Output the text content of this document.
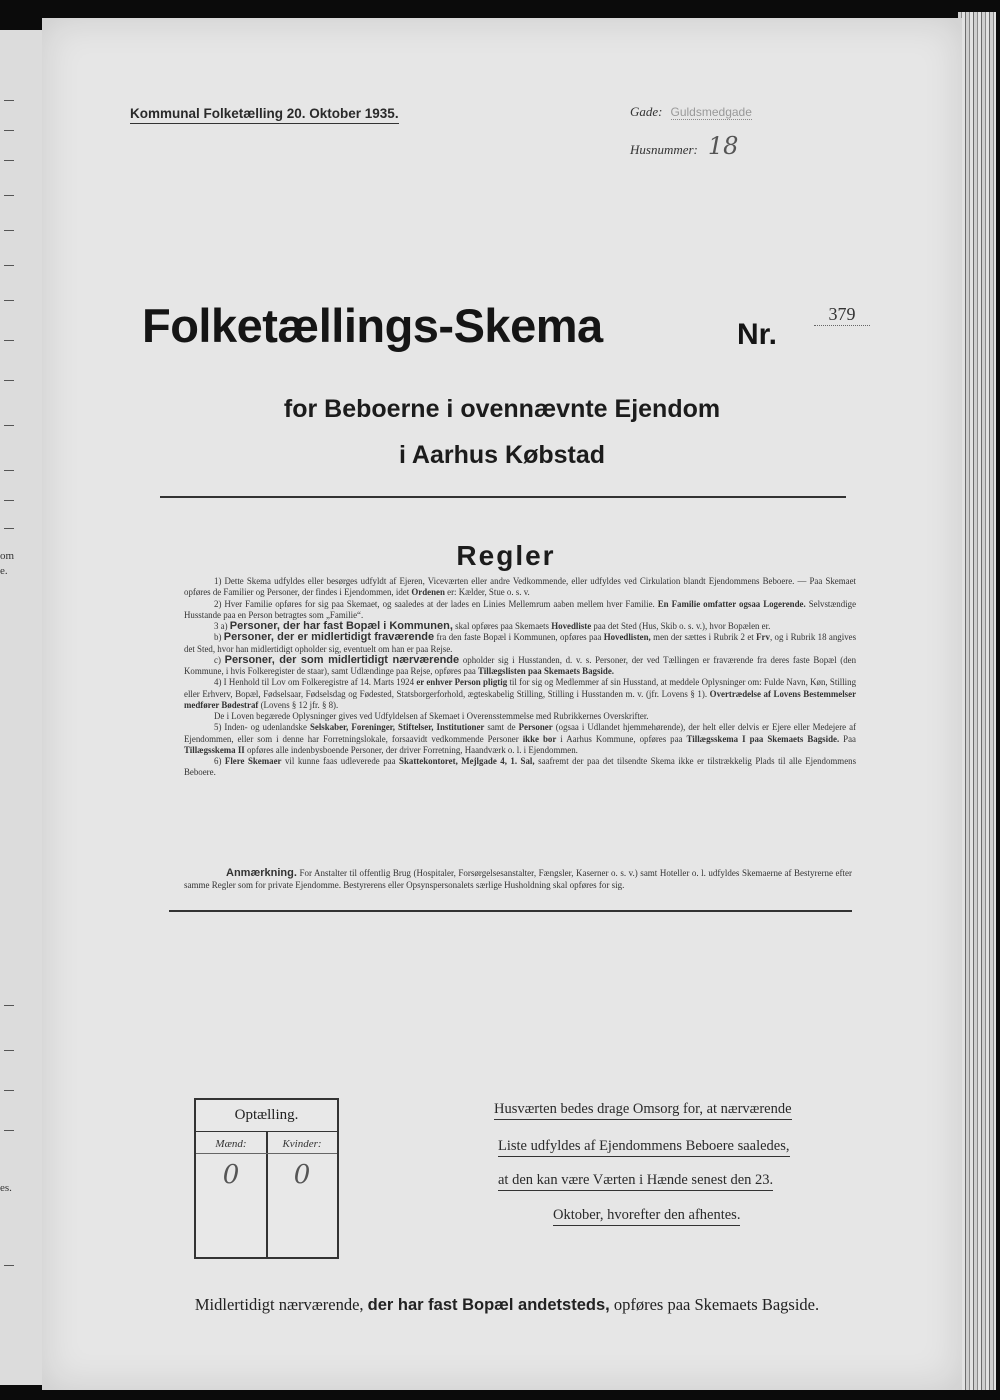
om
e.
es.
Kommunal Folketælling 20. Oktober 1935.	Gade: Guldsmedgade
Husnummer: 18
Folketællings-Skema	Nr.
379
for Beboerne i ovennævnte Ejendom
i Aarhus Købstad
Regler

1) Dette Skema udfyldes eller besørges udfyldt af Ejeren, Viceværten eller andre Vedkommende, eller udfyldes ved Cirkulation blandt Ejendommens Beboere. — Paa Skemaet opføres de Familier og Personer, der findes i Ejendommen, idet Ordenen er: Kælder, Stue o. s. v.

2) Hver Familie opføres for sig paa Skemaet, og saaledes at der lades en Linies Mellemrum aaben mellem hver Familie. En Familie omfatter ogsaa Logerende. Selvstændige Husstande paa en Person betragtes som „Familie“.

3 a) Personer, der har fast Bopæl i Kommunen, skal opføres paa Skemaets Hovedliste paa det Sted (Hus, Skib o. s. v.), hvor Bopælen er.

b) Personer, der er midlertidigt fraværende fra den faste Bopæl i Kommunen, opføres paa Hovedlisten, men der sættes i Rubrik 2 et Frv, og i Rubrik 18 angives det Sted, hvor han midlertidigt opholder sig, eventuelt om han er paa Rejse.

c) Personer, der som midlertidigt nærværende opholder sig i Husstanden, d. v. s. Personer, der ved Tællingen er fraværende fra deres faste Bopæl (den Kommune, i hvis Folkeregister de staar), samt Udlændinge paa Rejse, opføres paa Tillægslisten paa Skemaets Bagside.

4) I Henhold til Lov om Folkeregistre af 14. Marts 1924 er enhver Person pligtig til for sig og Medlemmer af sin Husstand, at meddele Oplysninger om: Fulde Navn, Køn, Stilling eller Erhverv, Bopæl, Fødselsaar, Fødselsdag og Fødested, Statsborgerforhold, ægteskabelig Stilling, Stilling i Husstanden m. v. (jfr. Lovens § 1). Overtrædelse af Lovens Bestemmelser medfører Bødestraf (Lovens § 12 jfr. § 8).

De i Loven begærede Oplysninger gives ved Udfyldelsen af Skemaet i Overensstemmelse med Rubrikkernes Overskrifter.

5) Inden- og udenlandske Selskaber, Foreninger, Stiftelser, Institutioner samt de Personer (ogsaa i Udlandet hjemmehørende), der helt eller delvis er Ejere eller Medejere af Ejendommen, eller som i denne har Forretningslokale, forsaavidt vedkommende Personer ikke bor i Aarhus Kommune, opføres paa Tillægsskema I paa Skemaets Bagside. Paa Tillægsskema II opføres alle indenbysboende Personer, der driver Forretning, Haandværk o. l. i Ejendommen.

6) Flere Skemaer vil kunne faas udleverede paa Skattekontoret, Mejlgade 4, 1. Sal, saafremt der paa det tilsendte Skema ikke er tilstrækkelig Plads til alle Ejendommens Beboere.

Anmærkning. For Anstalter til offentlig Brug (Hospitaler, Forsørgelsesanstalter, Fængsler, Kaserner o. s. v.) samt Hoteller o. l. udfyldes Skemaerne af Bestyrerne efter samme Regler som for private Ejendomme. Bestyrerens eller Opsynspersonalets særlige Husholdning skal opføres for sig.
Optælling.
Mænd:	Kvinder:
0	0
Husværten bedes drage Omsorg for, at nærværende
Liste udfyldes af Ejendommens Beboere saaledes,
at den kan være Værten i Hænde senest den 23.
Oktober, hvorefter den afhentes.
Midlertidigt nærværende, der har fast Bopæl andetsteds, opføres paa Skemaets Bagside.
